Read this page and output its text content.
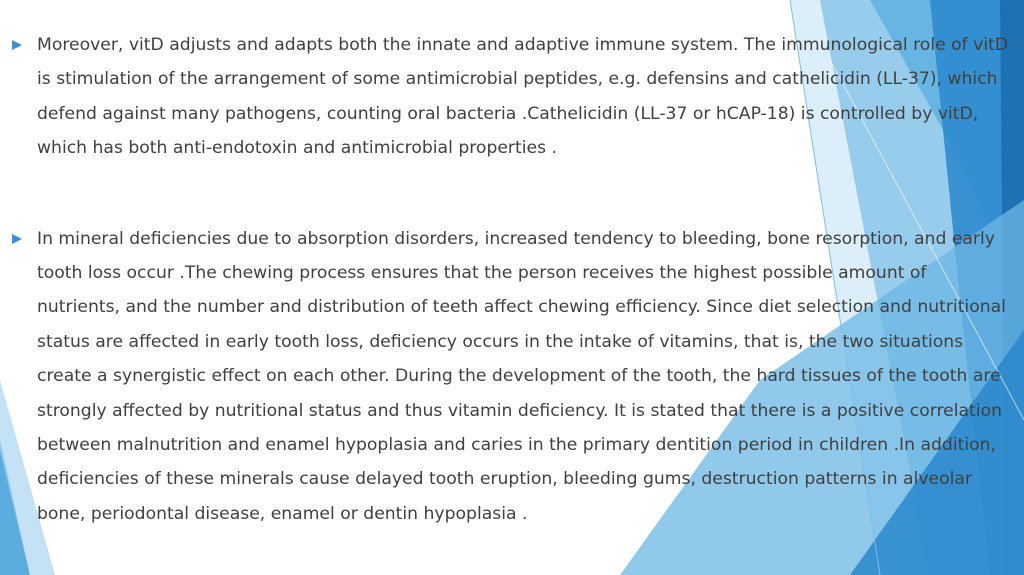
Moreover, vitD adjusts and adapts both the innate and adaptive immune system. The immunological role of vitD is stimulation of the arrangement of some antimicrobial peptides, e.g. defensins and cathelicidin (LL-37), which defend against many pathogens, counting oral bacteria .Cathelicidin (LL-37 or hCAP-18) is controlled by vitD, which has both anti-endotoxin and antimicrobial properties .

In mineral deficiencies due to absorption disorders, increased tendency to bleeding, bone resorption, and early tooth loss occur .The chewing process ensures that the person receives the highest possible amount of nutrients, and the number and distribution of teeth affect chewing efficiency. Since diet selection and nutritional status are affected in early tooth loss, deficiency occurs in the intake of vitamins, that is, the two situations create a synergistic effect on each other. During the development of the tooth, the hard tissues of the tooth are strongly affected by nutritional status and thus vitamin deficiency. It is stated that there is a positive correlation between malnutrition and enamel hypoplasia and caries in the primary dentition period in children .In addition, deficiencies of these minerals cause delayed tooth eruption, bleeding gums, destruction patterns in alveolar bone, periodontal disease, enamel or dentin hypoplasia .
